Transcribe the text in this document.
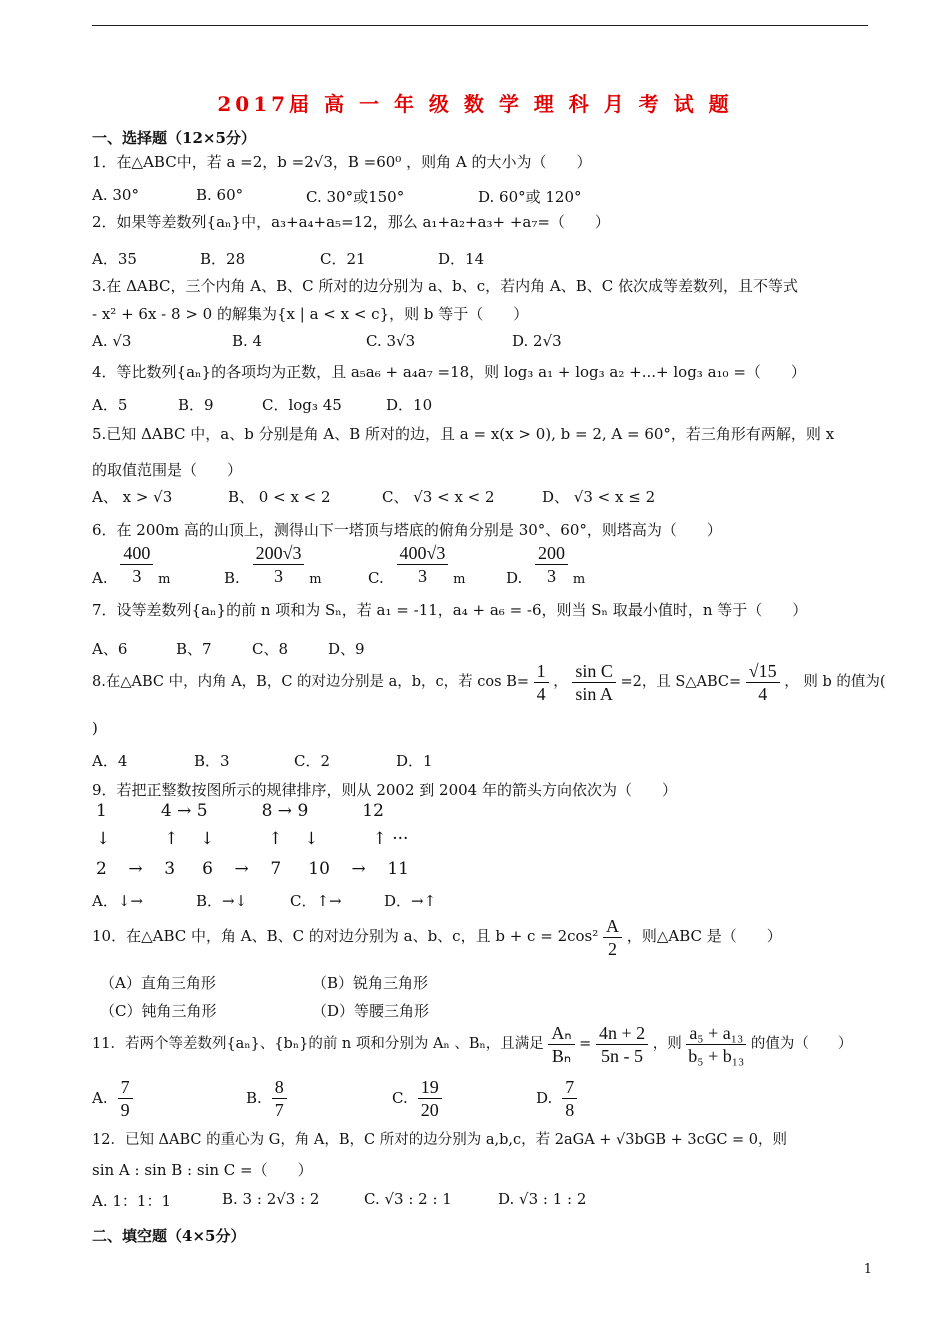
2017届 高 一 年 级 数 学 理 科 月 考 试 题
一、选择题（12×5分）
1．在△ABC中，若 a =2，b =2√3，B =60⁰ ，则角 A 的大小为（　　）
A. 30°	B. 60°	C. 30°或150°	D. 60°或 120°
2．如果等差数列{aₙ}中，a₃+a₄+a₅=12，那么 a₁+a₂+a₃+ +a₇=（　　）
A．35	B．28	C．21	D．14
3.在 ΔABC，三个内角 A、B、C 所对的边分别为 a、b、c，若内角 A、B、C 依次成等差数列，且不等式
- x² + 6x - 8 > 0 的解集为{x | a < x < c}，则 b 等于（　　）
A. √3	B. 4	C. 3√3	D. 2√3
4．等比数列{aₙ}的各项均为正数，且 a₅a₆ + a₄a₇ =18，则 log₃ a₁ + log₃ a₂ +...+ log₃ a₁₀ =（　　）
A．5	B．9	C．log₃ 45	D．10
5.已知 ΔABC 中，a、b 分别是角 A、B 所对的边，且 a = x(x > 0), b = 2, A = 60°，若三角形有两解，则 x
的取值范围是（　　）
A、 x > √3	B、 0 < x < 2	C、 √3 < x < 2	D、 √3 < x ≤ 2
6．在 200m 高的山顶上，测得山下一塔顶与塔底的俯角分别是 30°、60°，则塔高为（　　）
A. $\frac{400}{3}$ m	B. $\frac{200√3}{3}$ m	C. $\frac{400√3}{3}$ m	D. $\frac{200}{3}$ m
7．设等差数列{aₙ}的前 n 项和为 Sₙ，若 a₁ = -11，a₄ + a₆ = -6，则当 Sₙ 取最小值时，n 等于（　　）
A、6	B、7	C、8	D、9
8.在△ABC 中，内角 A，B，C 的对边分别是 a，b，c，若 $\cos B= \frac{1}{4}$ ， $\frac{\text{sin C}}{\text{sin A}} =2$，且 S△ABC= $\frac{√15}{4}$ ， 则 b 的值为(
)
A．4	B．3	C．2	D．1
9．若把正整数按图所示的规律排序，则从 2002 到 2004 年的箭头方向依次为（　　）
1          4 → 5          8 → 9          12
↓          ↑    ↓          ↑    ↓          ↑ ···
2    →    3     6    →    7     10    →    11
A．↓→	B．→↓	C．↑→	D．→↑
10．在△ABC 中，角 A、B、C 的对边分别为 a、b、c，且 $b + c = 2\cos^2 \frac{A}{2}$ ，则△ABC 是（　　）
（A）直角三角形	（B）锐角三角形
（C）钝角三角形	（D）等腰三角形
11．若两个等差数列{aₙ}、{bₙ}的前 n 项和分别为 Aₙ 、Bₙ，且满足 $\frac{\text{Aₙ}}{\text{Bₙ}} = \frac{4n + 2}{5n - 5}$ ，则 $\frac{\text{a₅ + a₁₃}}{\text{b₅ + b₁₃}}$ 的值为（　　）
A. $\frac{7}{9}$	B. $\frac{8}{7}$	C. $\frac{19}{20}$	D. $\frac{7}{8}$
12．已知 ΔABC 的重心为 G，角 A，B，C 所对的边分别为 a,b,c，若 2aGA + √3bGB + 3cGC = 0，则
sin A : sin B : sin C =（　　）
A. 1：1：1	B. 3 : 2√3 : 2	C. √3 : 2 : 1	D. √3 : 1 : 2
二、填空题（4×5分）
1
